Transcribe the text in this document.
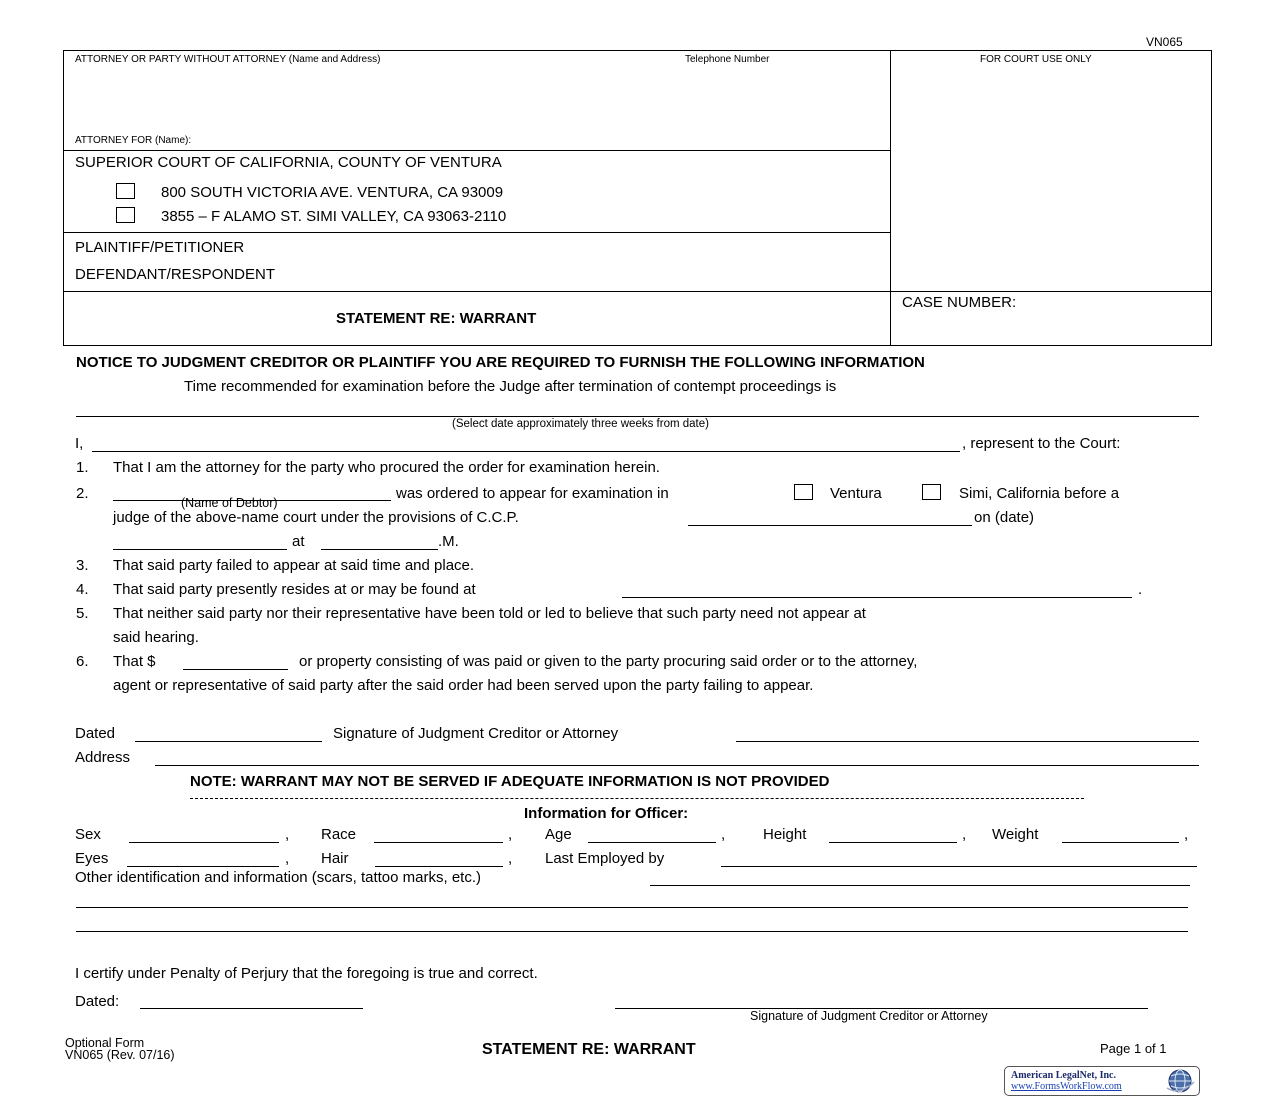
VN065
ATTORNEY OR PARTY WITHOUT ATTORNEY (Name and Address)	Telephone Number	FOR COURT USE ONLY
ATTORNEY FOR (Name):
SUPERIOR COURT OF CALIFORNIA, COUNTY OF VENTURA
800 SOUTH VICTORIA AVE. VENTURA, CA 93009
3855 – F ALAMO ST. SIMI VALLEY, CA 93063-2110
PLAINTIFF/PETITIONER
DEFENDANT/RESPONDENT
STATEMENT RE: WARRANT
CASE NUMBER:
NOTICE TO JUDGMENT CREDITOR OR PLAINTIFF YOU ARE REQUIRED TO FURNISH THE FOLLOWING INFORMATION
Time recommended for examination before the Judge after termination of contempt proceedings is
(Select date approximately three weeks from date)
I,	, represent to the Court:
1. That I am the attorney for the party who procured the order for examination herein.
2.
(Name of Debtor)
was ordered to appear for examination in	Ventura	Simi, California before a
judge of the above-name court under the provisions of C.C.P.	on (date)
at	.M.
3. That said party failed to appear at said time and place.
4. That said party presently resides at or may be found at	.
5. That neither said party nor their representative have been told or led to believe that such party need not appear at
said hearing.
6. That $	or property consisting of was paid or given to the party procuring said order or to the attorney,
agent or representative of said party after the said order had been served upon the party failing to appear.
Dated	Signature of Judgment Creditor or Attorney
Address
NOTE: WARRANT MAY NOT BE SERVED IF ADEQUATE INFORMATION IS NOT PROVIDED
Information for Officer:
Sex	, Race	, Age	,	Height	, Weight	,
Eyes	, Hair	, Last Employed by
Other identification and information (scars, tattoo marks, etc.)
I certify under Penalty of Perjury that the foregoing is true and correct.
Dated:
Signature of Judgment Creditor or Attorney
Optional Form
VN065 (Rev. 07/16)	STATEMENT RE: WARRANT	Page 1 of 1
American LegalNet, Inc.
www.FormsWorkFlow.com
